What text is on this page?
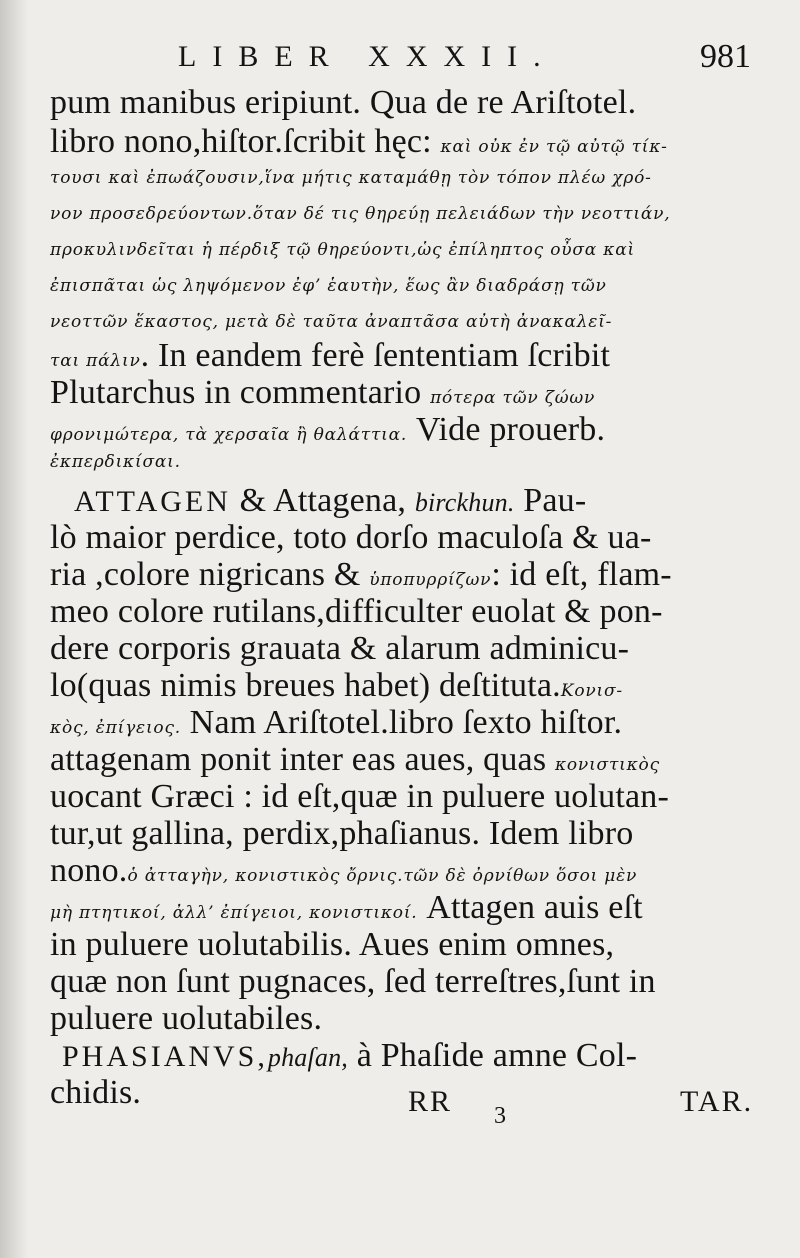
LIBER XXXII.	981
pum manibus eripiunt. Qua de re Ariſtotel.
libro nono,hiſtor.ſcribit hęc: καὶ οὐκ ἐν τῷ αὐτῷ τίκ-
τουσι καὶ ἐπωάζουσιν,ἵνα μήτις καταμάθῃ τὸν τόπον πλέω χρό-
νον προσεδρεύοντων.ὅταν δέ τις θηρεύῃ πελειάδων τὴν νεοττιάν,
προκυλινδεῖται ἡ πέρδιξ τῷ θηρεύοντι,ὡς ἐπίληπτος οὖσα καὶ
ἐπισπᾶται ὡς ληψόμενον ἐφ’ ἑαυτὴν, ἕως ἂν διαδράσῃ τῶν
νεοττῶν ἕκαστος, μετὰ δὲ ταῦτα ἀναπτᾶσα αὐτὴ ἀνακαλεῖ-
ται πάλιν. In eandem ferè ſententiam ſcribit
Plutarchus in commentario πότερα τῶν ζώων
φρονιμώτερα, τὰ χερσαῖα ἢ θαλάττια. Vide prouerb.
ἐκπερδικίσαι.
ATTAGEN & Attagena, birckhun. Pau-
lò maior perdice, toto dorſo maculoſa & ua-
ria ,colore nigricans & ὑποπυρρίζων: id eſt, flam-
meo colore rutilans,difficulter euolat & pon-
dere corporis grauata & alarum adminicu-
lo(quas nimis breues habet) deſtituta.Κονισ-
κὸς, ἐπίγειος. Nam Ariſtotel.libro ſexto hiſtor.
attagenam ponit inter eas aues, quas κονιστικὸς
uocant Græci : id eſt,quæ in puluere uolutan-
tur,ut gallina, perdix,phaſianus. Idem libro
nono.ὁ ἀτταγὴν, κονιστικὸς ὄρνις.τῶν δὲ ὀρνίθων ὅσοι μὲν
μὴ πτητικοί, ἀλλ’ ἐπίγειοι, κονιστικοί. Attagen auis eſt
in puluere uolutabilis. Aues enim omnes,
quæ non ſunt pugnaces, ſed terreſtres,ſunt in
puluere uolutabiles.
PHASIANVS,phaſan, à Phaſide amne Col-
chidis.	RR 3	TAR.
